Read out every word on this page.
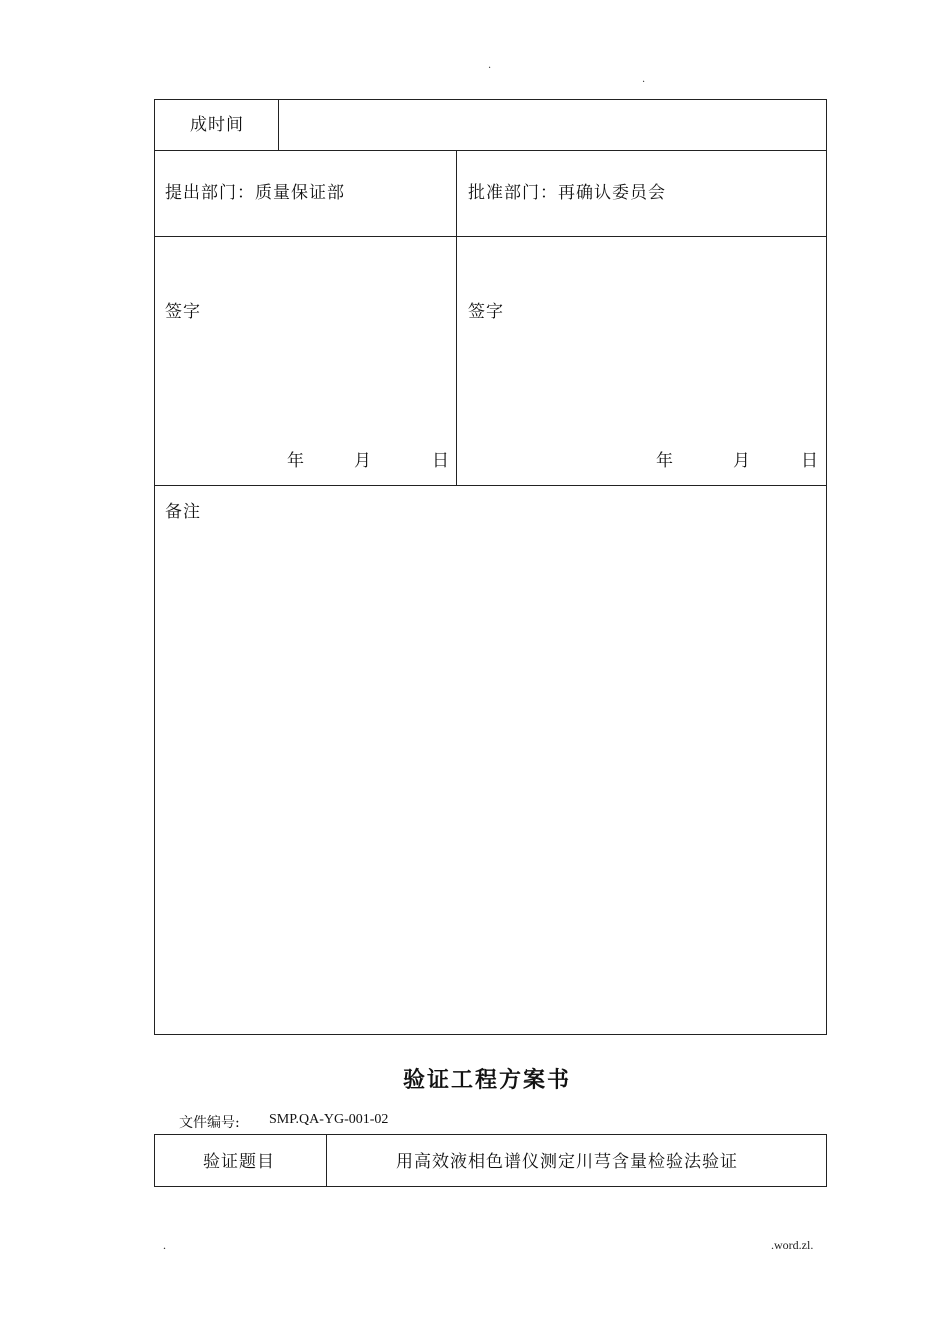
.
.
成时间
提出部门：质量保证部	批准部门：再确认委员会
签字	签字
年	月	日	年	月	日
备注
验证工程方案书
文件编号: SMP.QA-YG-001-02
验证题目	用高效液相色谱仪测定川芎含量检验法验证
.	.word.zl.
